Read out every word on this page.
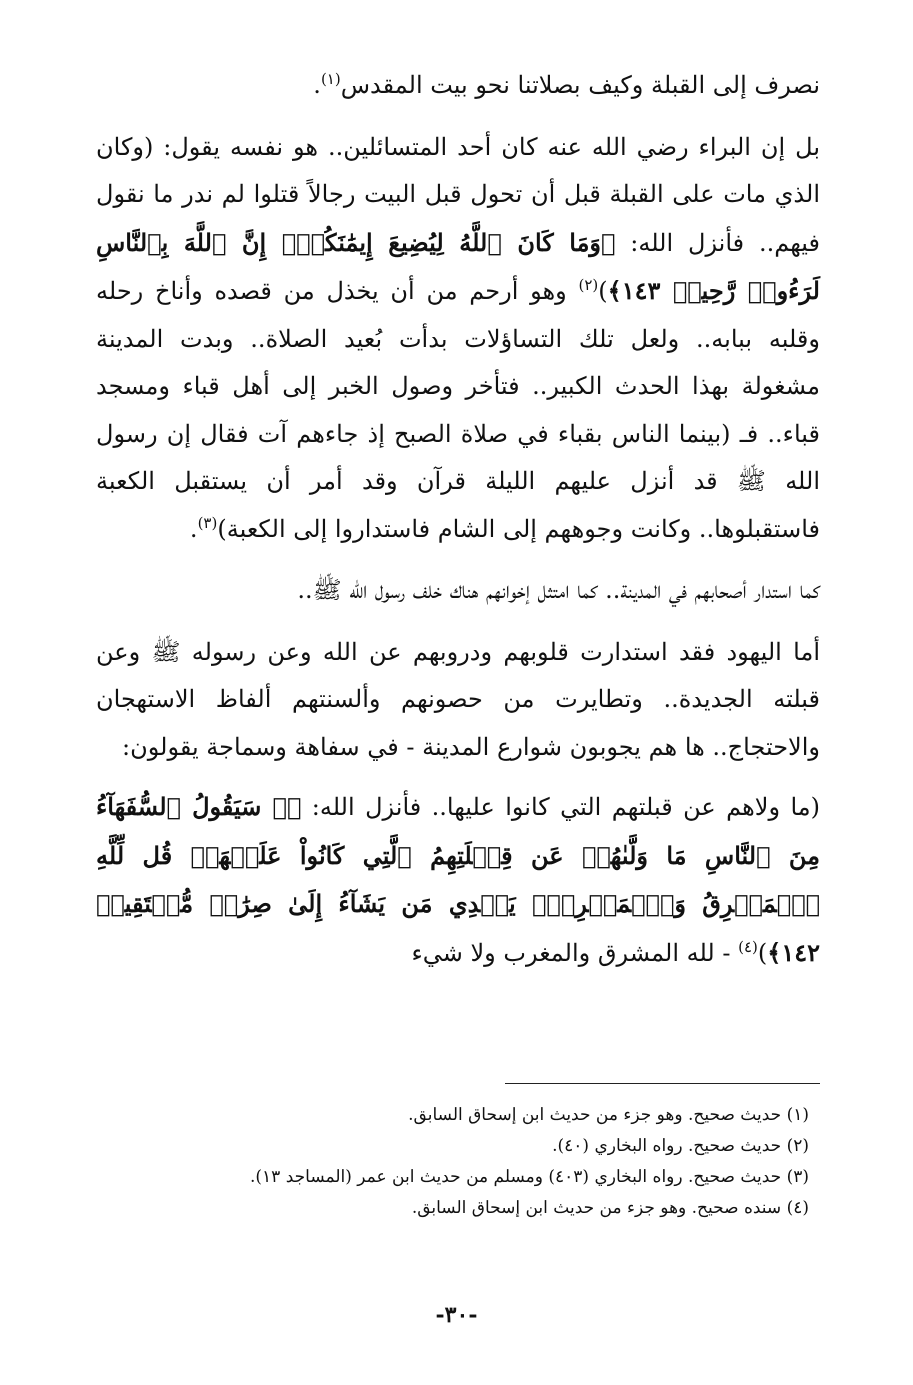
نصرف إلى القبلة وكيف بصلاتنا نحو بيت المقدس$^{(١)}$.

بل إن البراء رضي الله عنه كان أحد المتسائلين.. هو نفسه يقول: (وكان الذي مات على القبلة قبل أن تحول قبل البيت رجالاً قتلوا لم ندر ما نقول فيهم.. فأنزل الله: ﴿وَمَا كَانَ ٱللَّهُ لِيُضِيعَ إِيمَٰنَكُمْۚ إِنَّ ٱللَّهَ بِٱلنَّاسِ لَرَءُوفٞ رَّحِيمٞ ١٤٣﴾)$^{(٢)}$ وهو أرحم من أن يخذل من قصده وأناخ رحله وقلبه ببابه.. ولعل تلك التساؤلات بدأت بُعيد الصلاة.. وبدت المدينة مشغولة بهذا الحدث الكبير.. فتأخر وصول الخبر إلى أهل قباء ومسجد قباء.. فـ (بينما الناس بقباء في صلاة الصبح إذ جاءهم آت فقال إن رسول الله ﷺ قد أنزل عليهم الليلة قرآن وقد أمر أن يستقبل الكعبة فاستقبلوها.. وكانت وجوههم إلى الشام فاستداروا إلى الكعبة)$^{(٣)}$.

كما استدار أصحابهم في المدينة.. كما امتثل إخوانهم هناك خلف رسول الله ﷺ..

أما اليهود فقد استدارت قلوبهم ودروبهم عن الله وعن رسوله ﷺ وعن قبلته الجديدة.. وتطايرت من حصونهم وألسنتهم ألفاظ الاستهجان والاحتجاج.. ها هم يجوبون شوارع المدينة - في سفاهة وسماجة يقولون:

(ما ولاهم عن قبلتهم التي كانوا عليها.. فأنزل الله: ﴿۞ سَيَقُولُ ٱلسُّفَهَآءُ مِنَ ٱلنَّاسِ مَا وَلَّىٰهُمۡ عَن قِبۡلَتِهِمُ ٱلَّتِي كَانُواْ عَلَيۡهَاۚ قُل لِّلَّهِ ٱلۡمَشۡرِقُ وَٱلۡمَغۡرِبُۚ يَهۡدِي مَن يَشَآءُ إِلَىٰ صِرَٰطٖ مُّسۡتَقِيمٖ ١٤٢﴾)$^{(٤)}$ - لله المشرق والمغرب ولا شيء

(١) حديث صحيح. وهو جزء من حديث ابن إسحاق السابق.

(٢) حديث صحيح. رواه البخاري (٤٠).

(٣) حديث صحيح. رواه البخاري (٤٠٣) ومسلم من حديث ابن عمر (المساجد ١٣).

(٤) سنده صحيح. وهو جزء من حديث ابن إسحاق السابق.

-٣٠-
